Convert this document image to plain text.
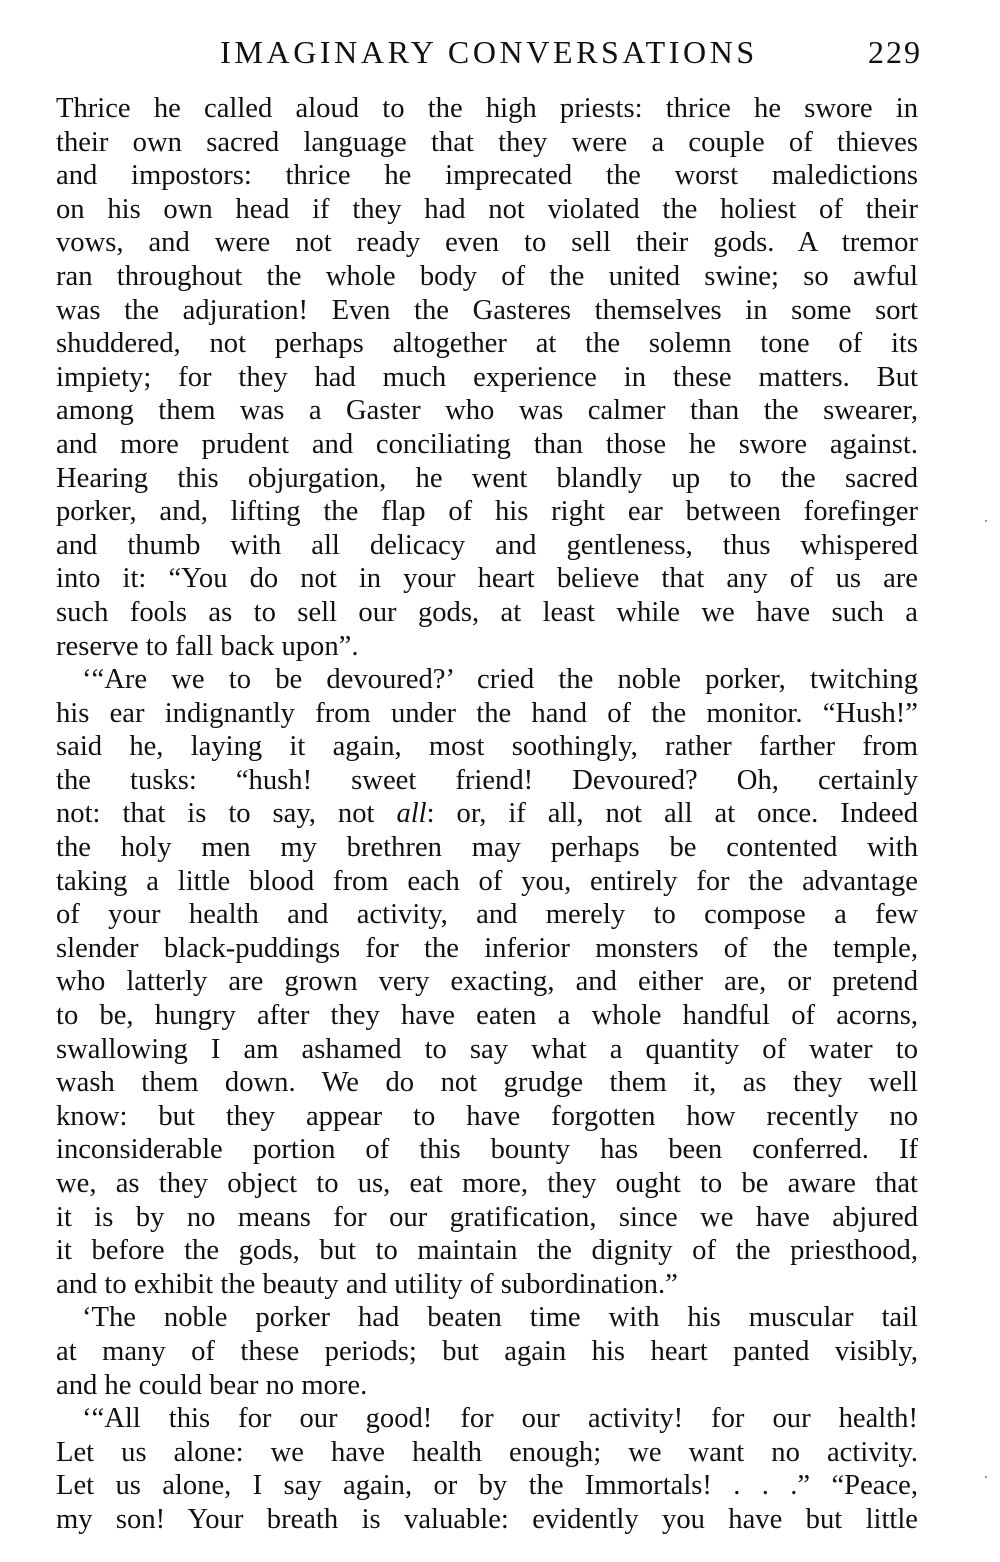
IMAGINARY CONVERSATIONS	229
Thrice he called aloud to the high priests: thrice he swore in
their own sacred language that they were a couple of thieves
and impostors: thrice he imprecated the worst maledictions
on his own head if they had not violated the holiest of their
vows, and were not ready even to sell their gods. A tremor
ran throughout the whole body of the united swine; so awful
was the adjuration! Even the Gasteres themselves in some sort
shuddered, not perhaps altogether at the solemn tone of its
impiety; for they had much experience in these matters. But
among them was a Gaster who was calmer than the swearer,
and more prudent and conciliating than those he swore against.
Hearing this objurgation, he went blandly up to the sacred
porker, and, lifting the flap of his right ear between forefinger
and thumb with all delicacy and gentleness, thus whispered
into it: “You do not in your heart believe that any of us are
such fools as to sell our gods, at least while we have such a
reserve to fall back upon”.
‘“Are we to be devoured?’ cried the noble porker, twitching
his ear indignantly from under the hand of the monitor. “Hush!”
said he, laying it again, most soothingly, rather farther from
the tusks: “hush! sweet friend! Devoured? Oh, certainly
not: that is to say, not all: or, if all, not all at once. Indeed
the holy men my brethren may perhaps be contented with
taking a little blood from each of you, entirely for the advantage
of your health and activity, and merely to compose a few
slender black-puddings for the inferior monsters of the temple,
who latterly are grown very exacting, and either are, or pretend
to be, hungry after they have eaten a whole handful of acorns,
swallowing I am ashamed to say what a quantity of water to
wash them down. We do not grudge them it, as they well
know: but they appear to have forgotten how recently no
inconsiderable portion of this bounty has been conferred. If
we, as they object to us, eat more, they ought to be aware that
it is by no means for our gratification, since we have abjured
it before the gods, but to maintain the dignity of the priesthood,
and to exhibit the beauty and utility of subordination.”
‘The noble porker had beaten time with his muscular tail
at many of these periods; but again his heart panted visibly,
and he could bear no more.
‘“All this for our good! for our activity! for our health!
Let us alone: we have health enough; we want no activity.
Let us alone, I say again, or by the Immortals! . . .” “Peace,
my son! Your breath is valuable: evidently you have but little
